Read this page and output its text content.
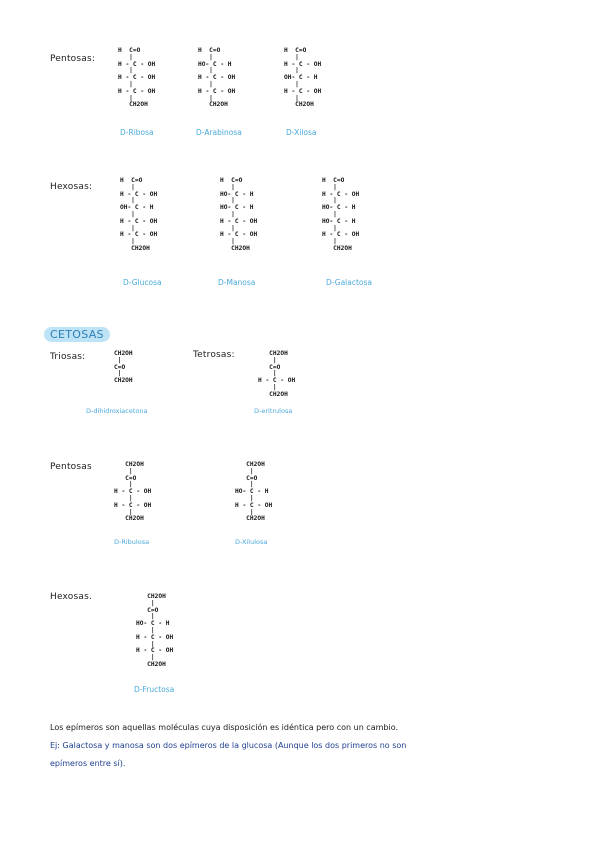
Pentosas:
H  C=O
|
H - C - OH
|
H - C - OH
|
H - C - OH
|
CH2OH
D-Ribosa
H  C=O
|
HO- C - H
|
H - C - OH
|
H - C - OH
|
CH2OH
D-Arabinosa
H  C=O
|
H - C - OH
|
OH- C - H
|
H - C - OH
|
CH2OH
D-Xilosa
Hexosas:
H  C=O
|
H - C - OH
|
OH- C - H
|
H - C - OH
|
H - C - OH
|
CH2OH
D-Glucosa
H  C=O
|
HO- C - H
|
HO- C - H
|
H - C - OH
|
H - C - OH
|
CH2OH
D-Manosa
H  C=O
|
H - C - OH
|
HO- C - H
|
HO- C - H
|
H - C - OH
|
CH2OH
D-Galactosa
CETOSAS
Triosas:	CH2OH
|
C=O
|
CH2OH
D-dihidroxiacetona
Tetrosas:	CH2OH
|
C=O
|
H - C - OH
|
CH2OH
D-eritrulosa
Pentosas	CH2OH
|
C=O
|
H - C - OH
|
H - C - OH
|
CH2OH
D-Ribulosa
CH2OH
|
C=O
|
HO- C - H
|
H - C - OH
|
CH2OH
D-Xilulosa
Hexosas.	CH2OH
|
C=O
|
HO- C - H
|
H - C - OH
|
H - C - OH
|
CH2OH
D-Fructosa
Los epímeros son aquellas moléculas cuya disposición es idéntica pero con un cambio.
Ej: Galactosa y manosa son dos epímeros de la glucosa (Aunque los dos primeros no son
epímeros entre sí).
